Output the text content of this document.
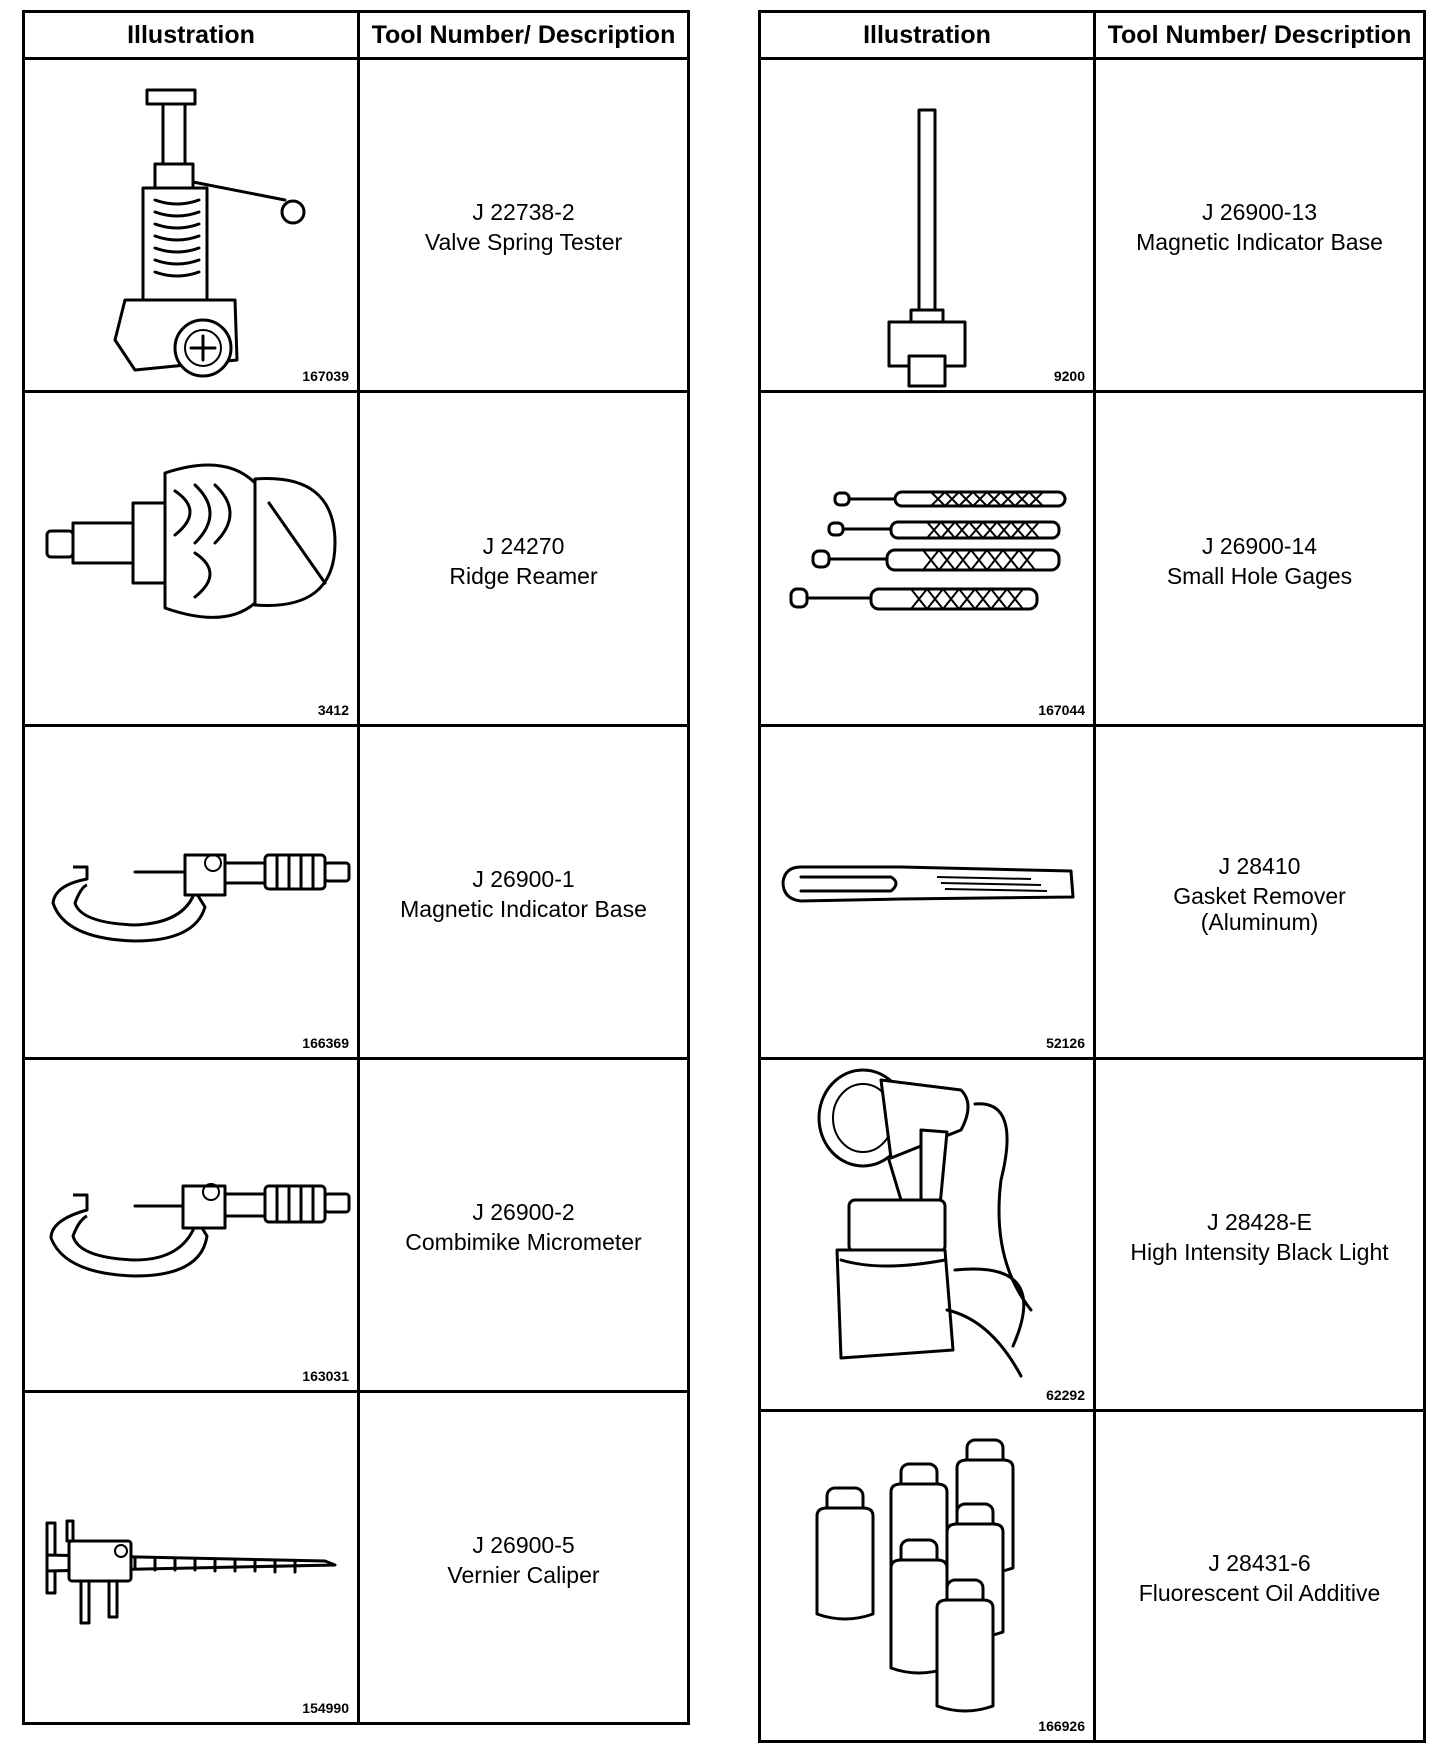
Illustration	Tool Number/ Description

167039	J 22738-2
Valve Spring Tester

3412	J 24270
Ridge Reamer

166369	J 26900-1
Magnetic Indicator Base

163031	J 26900-2
Combimike Micrometer

154990	J 26900-5
Vernier Caliper
Illustration	Tool Number/ Description

9200	J 26900-13
Magnetic Indicator Base

167044	J 26900-14
Small Hole Gages

52126	J 28410
Gasket Remover
(Aluminum)

62292	J 28428-E
High Intensity Black Light

166926	J 28431-6
Fluorescent Oil Additive
